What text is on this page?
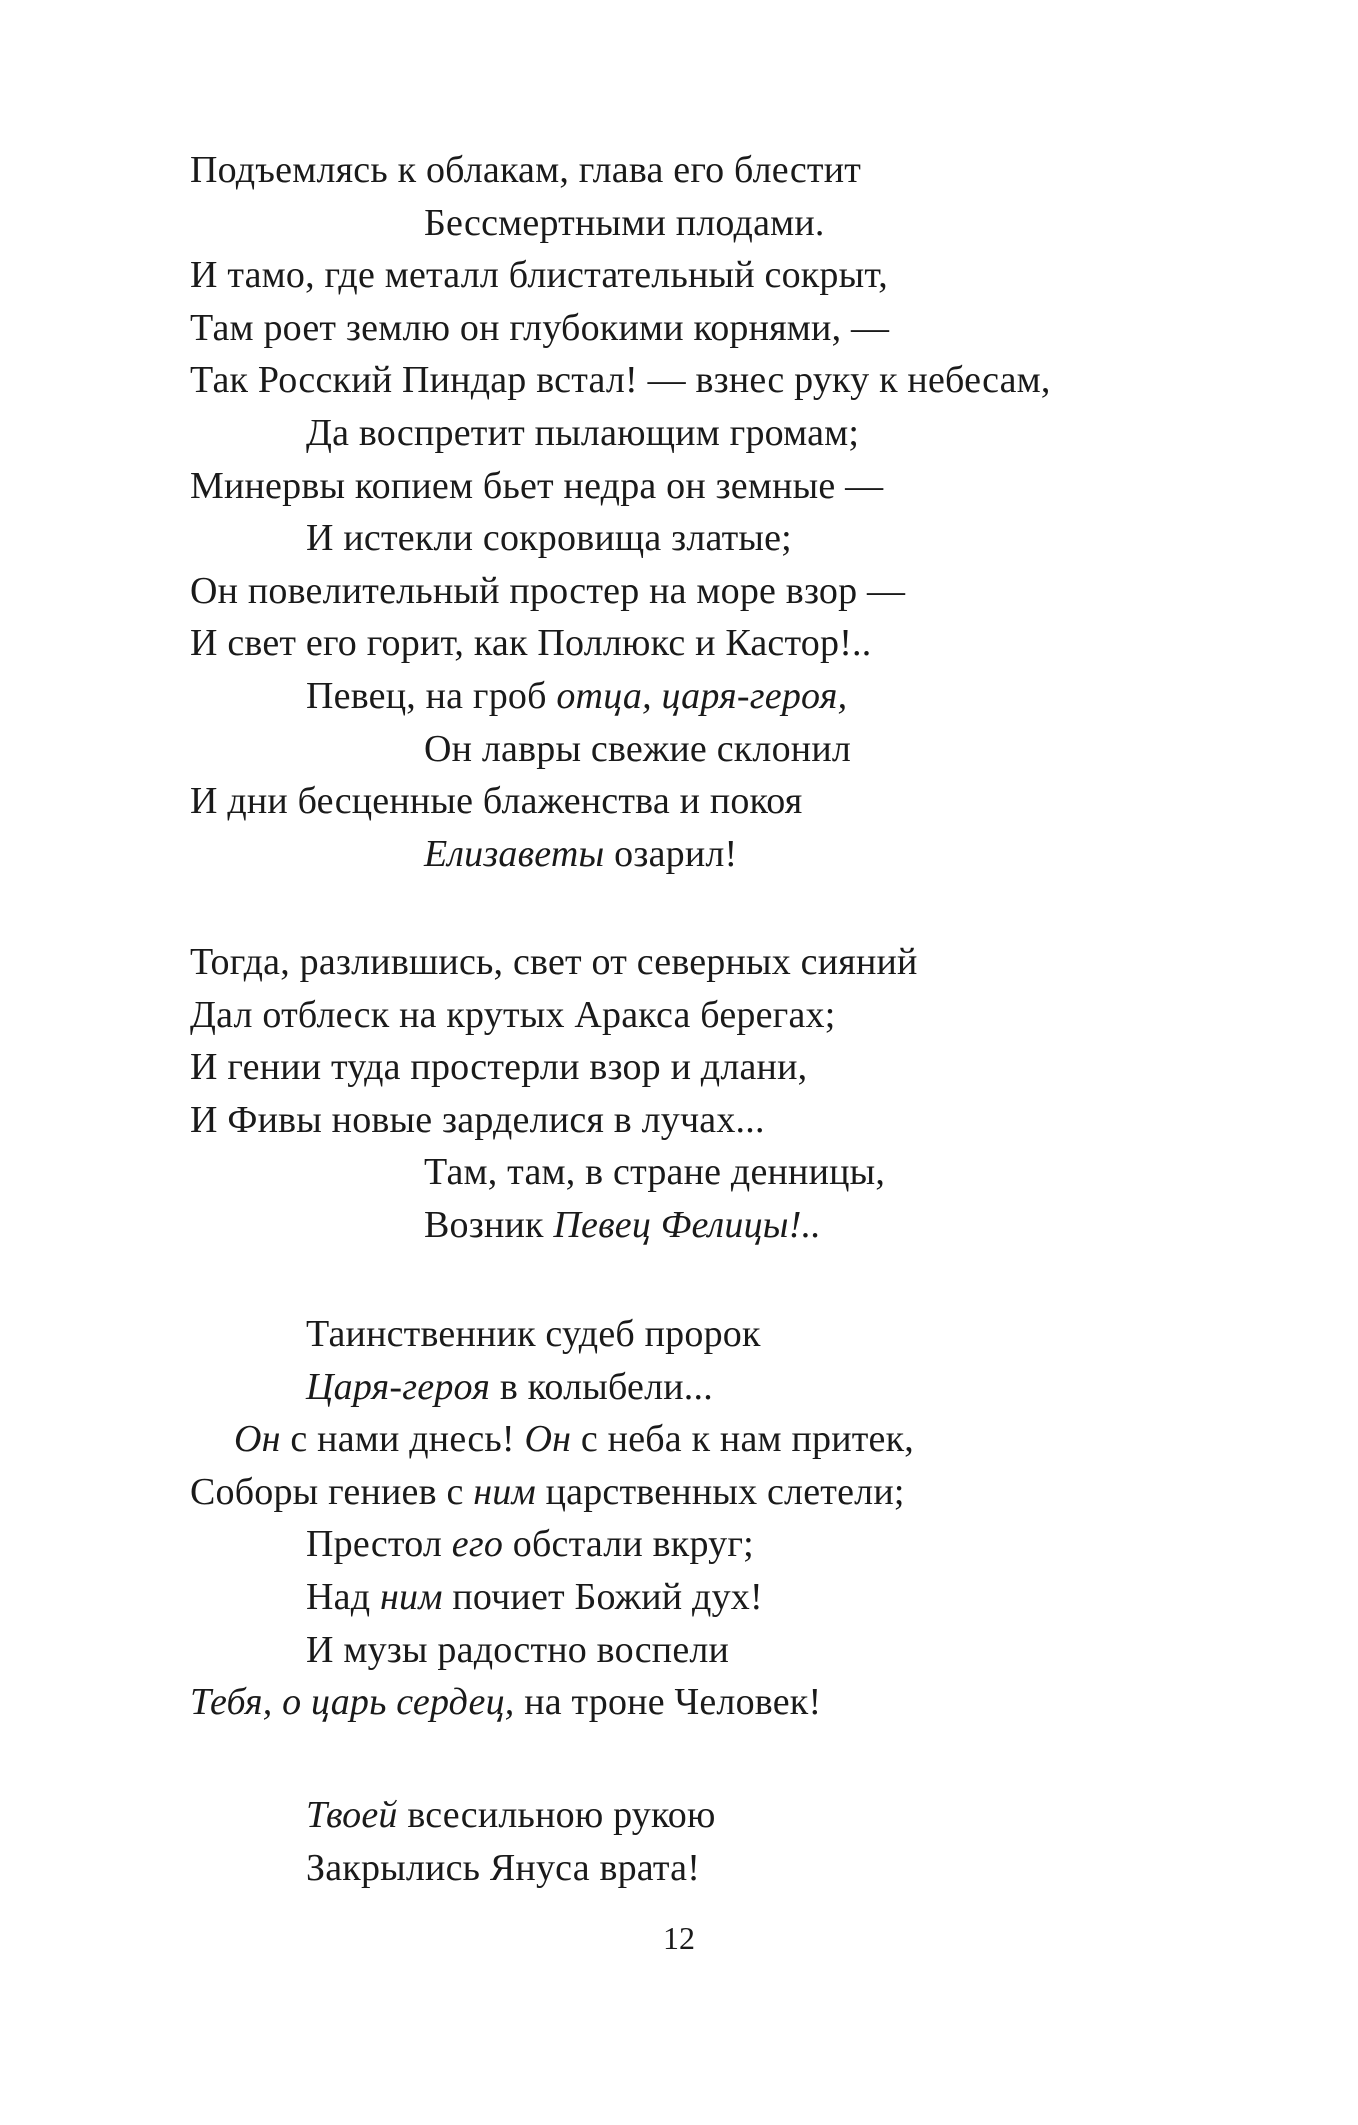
Подъемлясь к облакам, глава его блестит
Бессмертными плодами.
И тамо, где металл блистательный сокрыт,
Там роет землю он глубокими корнями, —
Так Росский Пиндар встал! — взнес руку к небесам,
Да воспретит пылающим громам;
Минервы копием бьет недра он земные —
И истекли сокровища златые;
Он повелительный простер на море взор —
И свет его горит, как Поллюкс и Кастор!..
Певец, на гроб отца, царя-героя,
Он лавры свежие склонил
И дни бесценные блаженства и покоя
Елизаветы озарил!
Тогда, разлившись, свет от северных сияний
Дал отблеск на крутых Аракса берегах;
И гении туда простерли взор и длани,
И Фивы новые зарделися в лучах...
Там, там, в стране денницы,
Возник Певец Фелицы!..
Таинственник судеб пророк
Царя-героя в колыбели...
Он с нами днесь! Он с неба к нам притек,
Соборы гениев с ним царственных слетели;
Престол его обстали вкруг;
Над ним почиет Божий дух!
И музы радостно воспели
Тебя, о царь сердец, на троне Человек!
Твоей всесильною рукою
Закрылись Януса врата!
12
